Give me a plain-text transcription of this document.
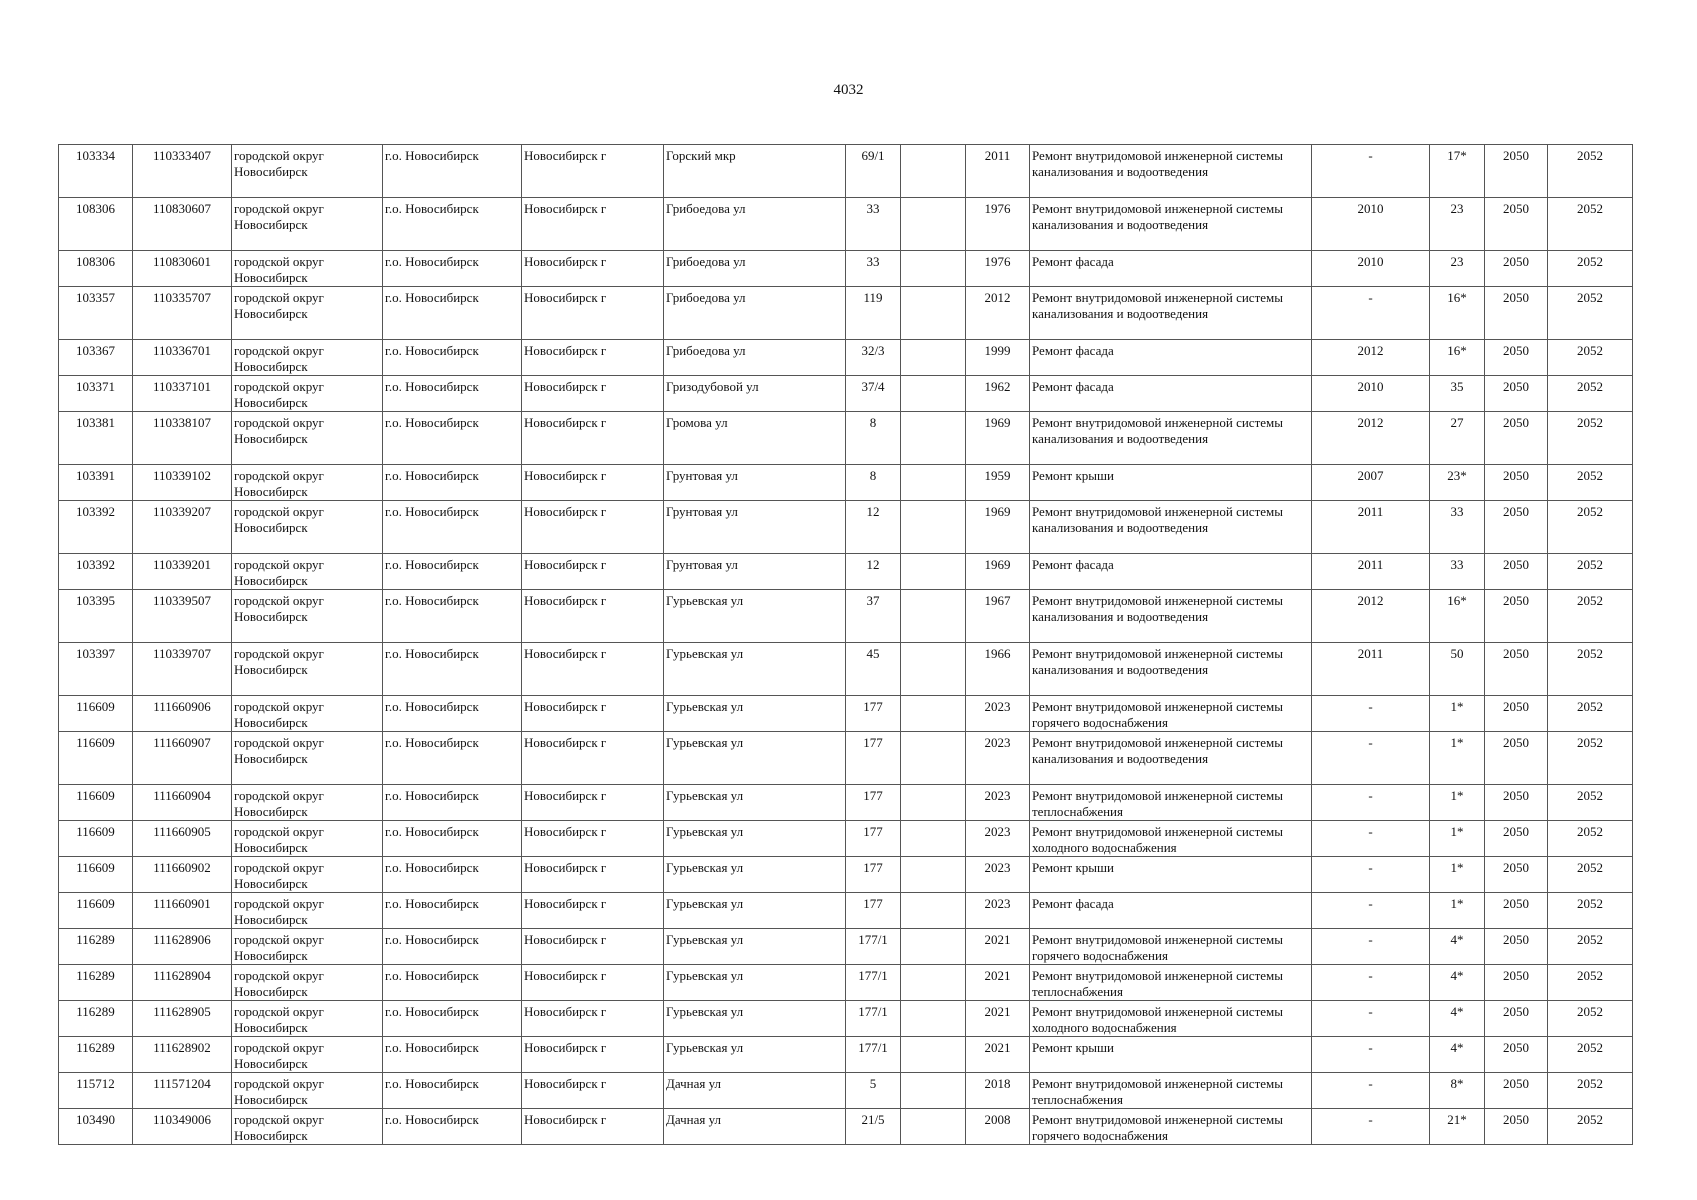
4032
103334	110333407	городской округ Новосибирск	г.о. Новосибирск	Новосибирск г	Горский мкр	69/1		2011	Ремонт внутридомовой инженерной системы канализования и водоотведения	-	17*	2050	2052
108306	110830607	городской округ Новосибирск	г.о. Новосибирск	Новосибирск г	Грибоедова ул	33		1976	Ремонт внутридомовой инженерной системы канализования и водоотведения	2010	23	2050	2052
108306	110830601	городской округ Новосибирск	г.о. Новосибирск	Новосибирск г	Грибоедова ул	33		1976	Ремонт фасада	2010	23	2050	2052
103357	110335707	городской округ Новосибирск	г.о. Новосибирск	Новосибирск г	Грибоедова ул	119		2012	Ремонт внутридомовой инженерной системы канализования и водоотведения	-	16*	2050	2052
103367	110336701	городской округ Новосибирск	г.о. Новосибирск	Новосибирск г	Грибоедова ул	32/3		1999	Ремонт фасада	2012	16*	2050	2052
103371	110337101	городской округ Новосибирск	г.о. Новосибирск	Новосибирск г	Гризодубовой ул	37/4		1962	Ремонт фасада	2010	35	2050	2052
103381	110338107	городской округ Новосибирск	г.о. Новосибирск	Новосибирск г	Громова ул	8		1969	Ремонт внутридомовой инженерной системы канализования и водоотведения	2012	27	2050	2052
103391	110339102	городской округ Новосибирск	г.о. Новосибирск	Новосибирск г	Грунтовая ул	8		1959	Ремонт крыши	2007	23*	2050	2052
103392	110339207	городской округ Новосибирск	г.о. Новосибирск	Новосибирск г	Грунтовая ул	12		1969	Ремонт внутридомовой инженерной системы канализования и водоотведения	2011	33	2050	2052
103392	110339201	городской округ Новосибирск	г.о. Новосибирск	Новосибирск г	Грунтовая ул	12		1969	Ремонт фасада	2011	33	2050	2052
103395	110339507	городской округ Новосибирск	г.о. Новосибирск	Новосибирск г	Гурьевская ул	37		1967	Ремонт внутридомовой инженерной системы канализования и водоотведения	2012	16*	2050	2052
103397	110339707	городской округ Новосибирск	г.о. Новосибирск	Новосибирск г	Гурьевская ул	45		1966	Ремонт внутридомовой инженерной системы канализования и водоотведения	2011	50	2050	2052
116609	111660906	городской округ Новосибирск	г.о. Новосибирск	Новосибирск г	Гурьевская ул	177		2023	Ремонт внутридомовой инженерной системы горячего водоснабжения	-	1*	2050	2052
116609	111660907	городской округ Новосибирск	г.о. Новосибирск	Новосибирск г	Гурьевская ул	177		2023	Ремонт внутридомовой инженерной системы канализования и водоотведения	-	1*	2050	2052
116609	111660904	городской округ Новосибирск	г.о. Новосибирск	Новосибирск г	Гурьевская ул	177		2023	Ремонт внутридомовой инженерной системы теплоснабжения	-	1*	2050	2052
116609	111660905	городской округ Новосибирск	г.о. Новосибирск	Новосибирск г	Гурьевская ул	177		2023	Ремонт внутридомовой инженерной системы холодного водоснабжения	-	1*	2050	2052
116609	111660902	городской округ Новосибирск	г.о. Новосибирск	Новосибирск г	Гурьевская ул	177		2023	Ремонт крыши	-	1*	2050	2052
116609	111660901	городской округ Новосибирск	г.о. Новосибирск	Новосибирск г	Гурьевская ул	177		2023	Ремонт фасада	-	1*	2050	2052
116289	111628906	городской округ Новосибирск	г.о. Новосибирск	Новосибирск г	Гурьевская ул	177/1		2021	Ремонт внутридомовой инженерной системы горячего водоснабжения	-	4*	2050	2052
116289	111628904	городской округ Новосибирск	г.о. Новосибирск	Новосибирск г	Гурьевская ул	177/1		2021	Ремонт внутридомовой инженерной системы теплоснабжения	-	4*	2050	2052
116289	111628905	городской округ Новосибирск	г.о. Новосибирск	Новосибирск г	Гурьевская ул	177/1		2021	Ремонт внутридомовой инженерной системы холодного водоснабжения	-	4*	2050	2052
116289	111628902	городской округ Новосибирск	г.о. Новосибирск	Новосибирск г	Гурьевская ул	177/1		2021	Ремонт крыши	-	4*	2050	2052
115712	111571204	городской округ Новосибирск	г.о. Новосибирск	Новосибирск г	Дачная ул	5		2018	Ремонт внутридомовой инженерной системы теплоснабжения	-	8*	2050	2052
103490	110349006	городской округ Новосибирск	г.о. Новосибирск	Новосибирск г	Дачная ул	21/5		2008	Ремонт внутридомовой инженерной системы горячего водоснабжения	-	21*	2050	2052
